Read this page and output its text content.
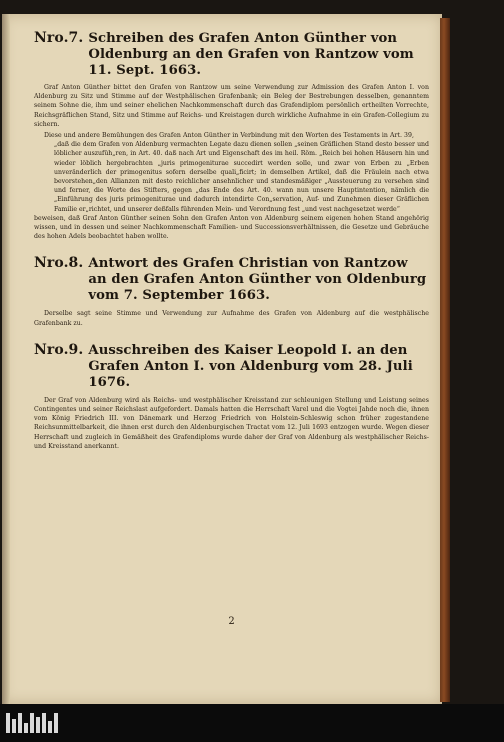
Nro.7. Schreiben des Grafen Anton Günther von Oldenburg an den Grafen von Rantzow vom 11. Sept. 1663.

Graf Anton Günther bittet den Grafen von Rantzow um seine Verwendung zur Admission des Grafen Anton I. von Aldenburg zu Sitz und Stimme auf der Westphälischen Grafenbank; ein Beleg der Bestrebungen desselben, genanntem seinem Sohne die, ihm und seiner ehelichen Nachkommenschaft durch das Grafendiplom persönlich ertheilten Vorrechte, Reichsgräflichen Stand, Sitz und Stimme auf Reichs- und Kreistagen durch wirkliche Aufnahme in ein Grafen-Collegium zu sichern.

Diese und andere Bemühungen des Grafen Anton Günther in Verbindung mit den Worten des Testaments in Art. 39,

„daß die dem Grafen von Aldenburg vermachten Legate dazu dienen sollen „seinen Gräflichen Stand desto besser und löblicher auszufüh„ren, in Art. 40. daß nach Art und Eigenschaft des im heil. Röm. „Reich bei hohen Häusern hin und wieder löblich hergebrachten „juris primogeniturae succedirt werden solle, und zwar von Erben zu „Erben unveränderlich der primogenitus sofern derselbe quali„ficirt; in demselben Artikel, daß die Fräulein nach etwa bevorstehen„den Allianzen mit desto reichlicher ansehnlicher und standesmäßiger „Aussteuerung zu versehen sind und ferner, die Worte des Stifters, gegen „das Ende des Art. 40. wann nun unsere Hauptintention, nämlich die „Einführung des juris primogeniturae und dadurch intendirte Con„servation, Auf- und Zunehmen dieser Gräflichen Familie er„richtet, und unserer deßfalls führenden Mein- und Verordnung fest „und vest nachgesetzet werde“

beweisen, daß Graf Anton Günther seinen Sohn den Grafen Anton von Aldenburg seinem eigenen hohen Stand angehörig wissen, und in dessen und seiner Nachkommenschaft Familien- und Successionsverhältnissen, die Gesetze und Gebräuche des hohen Adels beobachtet haben wollte.

Nro.8. Antwort des Grafen Christian von Rantzow an den Grafen Anton Günther von Oldenburg vom 7. September 1663.

Derselbe sagt seine Stimme und Verwendung zur Aufnahme des Grafen von Aldenburg auf die westphälische Grafenbank zu.

Nro.9. Ausschreiben des Kaiser Leopold I. an den Grafen Anton I. von Aldenburg vom 28. Juli 1676.

Der Graf von Aldenburg wird als Reichs- und westphälischer Kreisstand zur schleunigen Stellung und Leistung seines Contingentes und seiner Reichslast aufgefordert. Damals hatten die Herrschaft Varel und die Vogtei Jahde noch die, ihnen vom König Friedrich III. von Dänemark und Herzog Friedrich von Holstein-Schleswig schon früher zugestandene Reichsunmittelbarkeit, die ihnen erst durch den Aldenburgischen Tractat vom 12. Juli 1693 entzogen wurde. Wegen dieser Herrschaft und zugleich in Gemäßheit des Grafendiploms wurde daher der Graf von Aldenburg als westphälischer Reichs- und Kreisstand anerkannt.

2
